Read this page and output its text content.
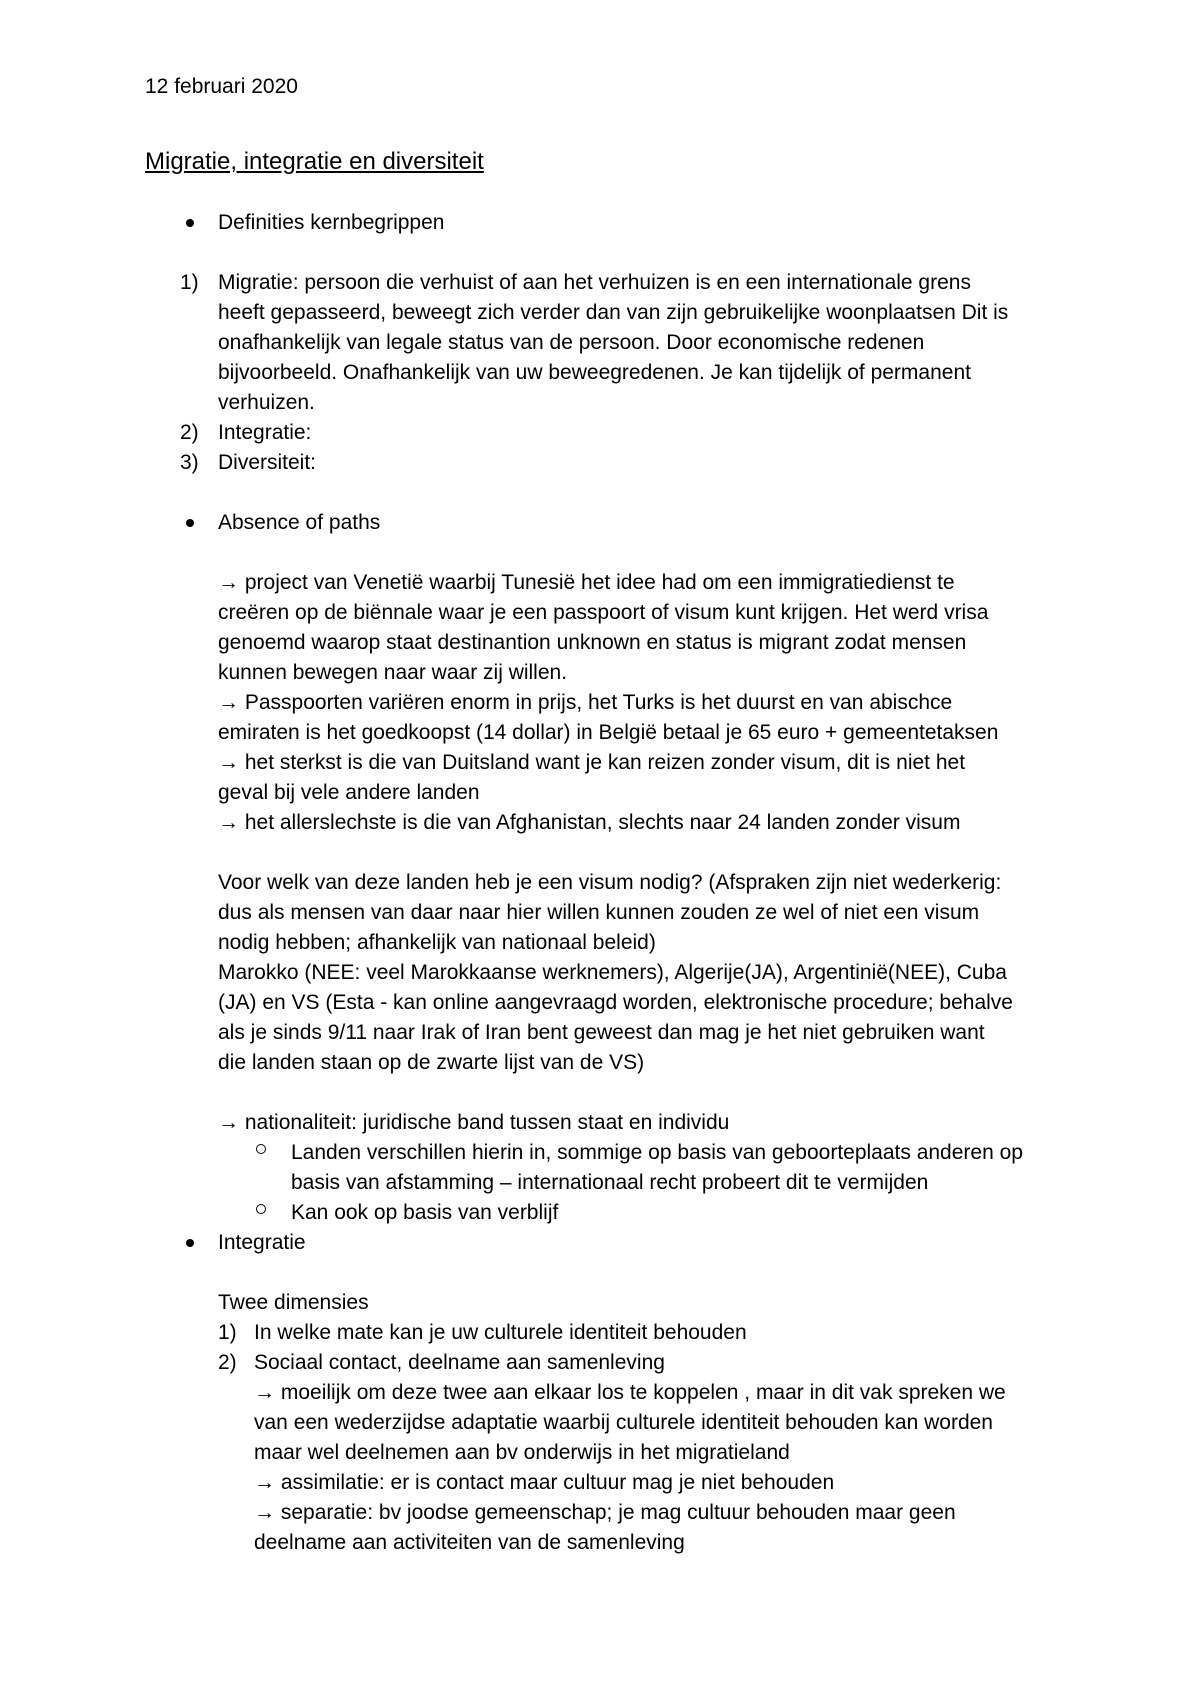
12 februari 2020
Migratie, integratie en diversiteit
Definities kernbegrippen
1) Migratie: persoon die verhuist of aan het verhuizen is en een internationale grens
heeft gepasseerd, beweegt zich verder dan van zijn gebruikelijke woonplaatsen Dit is
onafhankelijk van legale status van de persoon. Door economische redenen
bijvoorbeeld. Onafhankelijk van uw beweegredenen. Je kan tijdelijk of permanent
verhuizen.
2) Integratie:
3) Diversiteit:
Absence of paths
→ project van Venetië waarbij Tunesië het idee had om een immigratiedienst te
creëren op de biënnale waar je een passpoort of visum kunt krijgen. Het werd vrisa
genoemd waarop staat destinantion unknown en status is migrant zodat mensen
kunnen bewegen naar waar zij willen.
→ Passpoorten variëren enorm in prijs, het Turks is het duurst en van abischce
emiraten is het goedkoopst (14 dollar) in België betaal je 65 euro + gemeentetaksen
→ het sterkst is die van Duitsland want je kan reizen zonder visum, dit is niet het
geval bij vele andere landen
→ het allerslechste is die van Afghanistan, slechts naar 24 landen zonder visum
Voor welk van deze landen heb je een visum nodig? (Afspraken zijn niet wederkerig:
dus als mensen van daar naar hier willen kunnen zouden ze wel of niet een visum
nodig hebben; afhankelijk van nationaal beleid)
Marokko (NEE: veel Marokkaanse werknemers), Algerije(JA), Argentinië(NEE), Cuba
(JA) en VS (Esta - kan online aangevraagd worden, elektronische procedure; behalve
als je sinds 9/11 naar Irak of Iran bent geweest dan mag je het niet gebruiken want
die landen staan op de zwarte lijst van de VS)
→ nationaliteit: juridische band tussen staat en individu
Landen verschillen hierin in, sommige op basis van geboorteplaats anderen op
basis van afstamming – internationaal recht probeert dit te vermijden
Kan ook op basis van verblijf
Integratie
Twee dimensies
1) In welke mate kan je uw culturele identiteit behouden
2) Sociaal contact, deelname aan samenleving
→ moeilijk om deze twee aan elkaar los te koppelen , maar in dit vak spreken we
van een wederzijdse adaptatie waarbij culturele identiteit behouden kan worden
maar wel deelnemen aan bv onderwijs in het migratieland
→ assimilatie: er is contact maar cultuur mag je niet behouden
→ separatie: bv joodse gemeenschap; je mag cultuur behouden maar geen
deelname aan activiteiten van de samenleving
